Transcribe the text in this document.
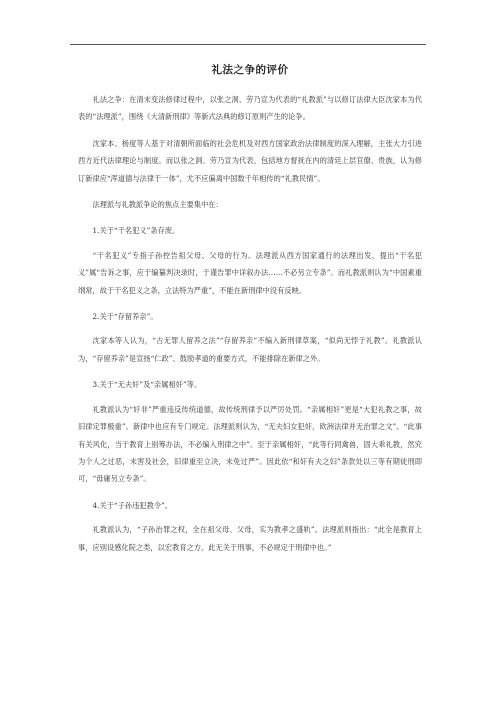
礼法之争的评价

礼法之争：在清末变法修律过程中，以张之洞、劳乃宣为代表的“礼教派”与以修订法律大臣沈家本为代表的“法理派”，围绕《大清新刑律》等新式法典的修订原则产生的论争。

沈家本、杨度等人基于对清朝所面临的社会危机及对西方国家政治法律制度的深入理解，主张大力引进西方近代法律理论与制度。而以张之洞、劳乃宣为代表，包括地方督抚在内的清廷上层官僚、贵族，认为修订新律应“浑道德与法律于一体”，尤不应偏离中国数千年相传的“礼教民情”。

法理派与礼教派争论的焦点主要集中在：

1.关于“干名犯义”条存废。

“干名犯义”专指子孙控告祖父母、父母的行为。法理派从西方国家通行的法理出发，提出“干名犯义”属“告诉之事，应于编纂判决录时，于谨告罪中详叙办法……不必另立专条”。而礼教派则认为“中国素重纲常，故于干名犯义之条，立法特为严重”，不能在新刑律中没有反映。

2.关于“存留养亲”。

沈家本等人认为，“古无罪人留养之法”“存留养亲”不编入新刑律草案，“似尚无悖于礼教”。礼教派认为，“存留养亲”是宣扬“仁政”、鼓励孝道的重要方式，不能排除在新律之外。

3.关于“无夫奸”及“亲属相奸”等。

礼教派认为“奸非”严重违反传统道德，故传统刑律予以严厉处罚。“亲属相奸”更是“大犯礼教之事，故旧律定罪极重”。新律中也应有专门规定。法理派则认为，“无夫妇女犯奸，欧洲法律并无治罪之文”。“此事有关风化，当于教育上别筹办法，不必编入刑律之中”。至于亲属相奸，“此等行同禽兽，固大乖礼教，然究为个人之过恶，未害及社会，旧律重至立决，未免过严”。因此依“和奸有夫之妇”条款处以三等有期徒刑即可，“毋庸另立专条”。

4.关于“子孙违犯教令”。

礼教派认为，“子孙治罪之权，全在祖父母、父母，实为教孝之盛轨”。法理派则指出：“此全是教育上事，应别设感化院之类，以宏教育之方。此无关于刑事，不必规定于刑律中也。”
